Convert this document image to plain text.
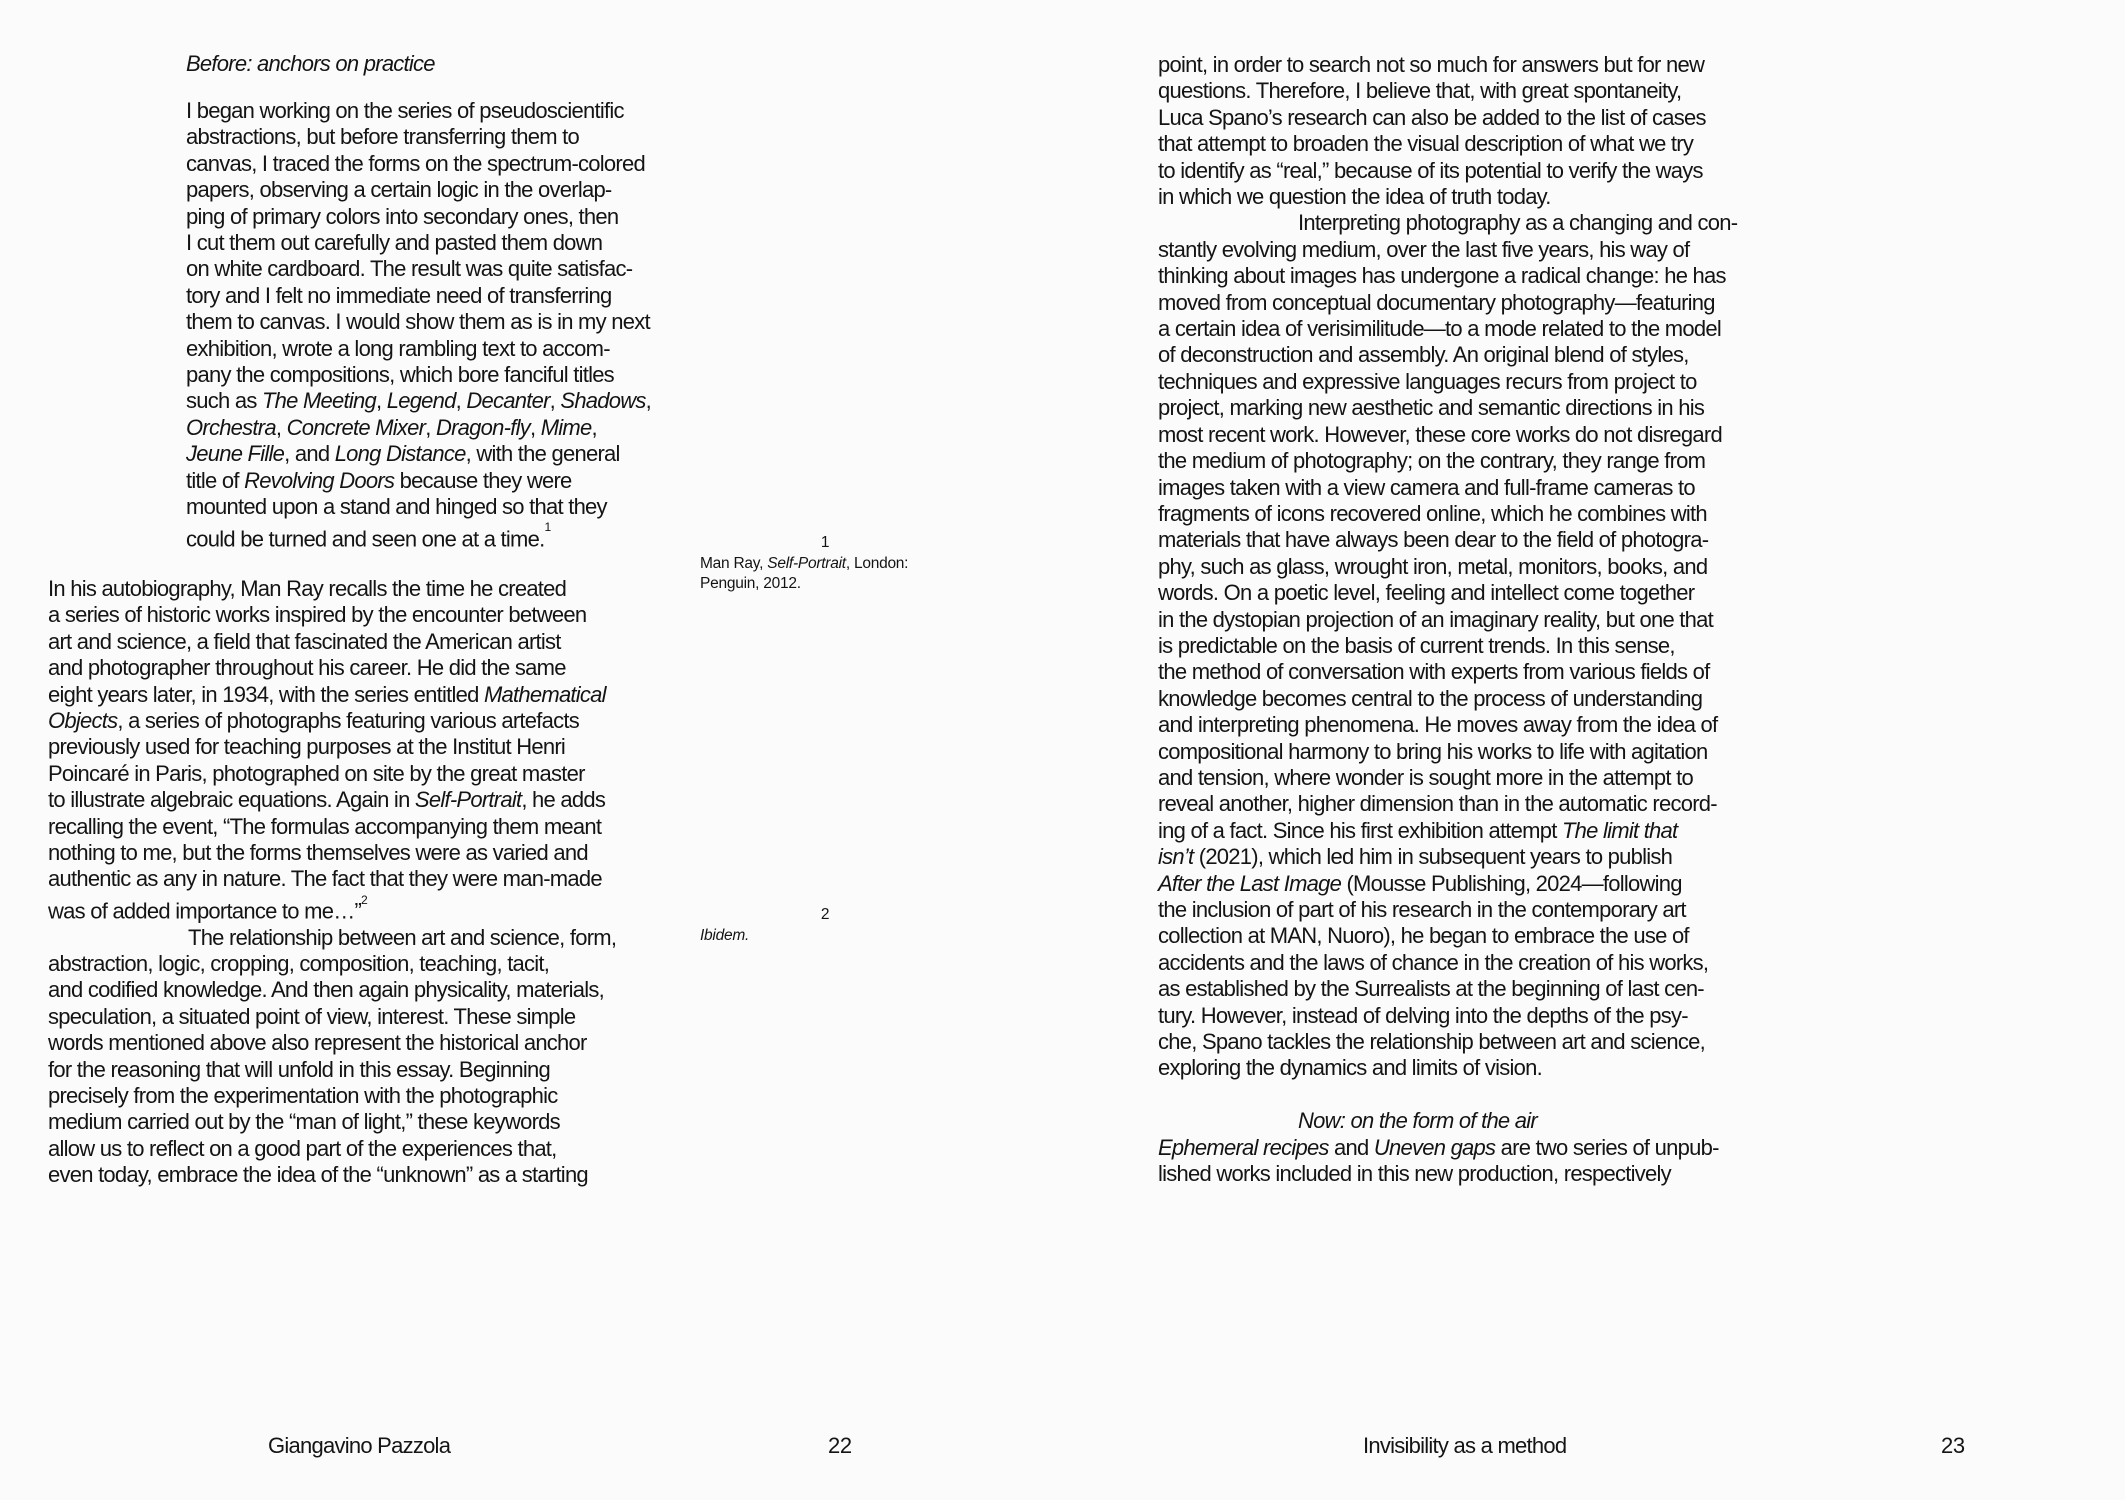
Before: anchors on practice
I began working on the series of pseudoscientific
abstractions, but before transferring them to
canvas, I traced the forms on the spectrum-colored
papers, observing a certain logic in the overlap-
ping of primary colors into secondary ones, then
I cut them out carefully and pasted them down
on white cardboard. The result was quite satisfac-
tory and I felt no immediate need of transferring
them to canvas. I would show them as is in my next
exhibition, wrote a long rambling text to accom-
pany the compositions, which bore fanciful titles
such as The Meeting, Legend, Decanter, Shadows,
Orchestra, Concrete Mixer, Dragon-fly, Mime,
Jeune Fille, and Long Distance, with the general
title of Revolving Doors because they were
mounted upon a stand and hinged so that they
could be turned and seen one at a time.$^1$
In his autobiography, Man Ray recalls the time he created
a series of historic works inspired by the encounter between
art and science, a field that fascinated the American artist
and photographer throughout his career. He did the same
eight years later, in 1934, with the series entitled Mathematical
Objects, a series of photographs featuring various artefacts
previously used for teaching purposes at the Institut Henri
Poincaré in Paris, photographed on site by the great master
to illustrate algebraic equations. Again in Self-Portrait, he adds
recalling the event, “The formulas accompanying them meant
nothing to me, but the forms themselves were as varied and
authentic as any in nature. The fact that they were man-made
was of added importance to me…”$^2$
The relationship between art and science, form,
abstraction, logic, cropping, composition, teaching, tacit,
and codified knowledge. And then again physicality, materials,
speculation, a situated point of view, interest. These simple
words mentioned above also represent the historical anchor
for the reasoning that will unfold in this essay. Beginning
precisely from the experimentation with the photographic
medium carried out by the “man of light,” these keywords
allow us to reflect on a good part of the experiences that,
even today, embrace the idea of the “unknown” as a starting
1
Man Ray, Self-Portrait, London:
Penguin, 2012.
2
Ibidem.
Giangavino Pazzola	22
point, in order to search not so much for answers but for new
questions. Therefore, I believe that, with great spontaneity,
Luca Spano’s research can also be added to the list of cases
that attempt to broaden the visual description of what we try
to identify as “real,” because of its potential to verify the ways
in which we question the idea of truth today.
Interpreting photography as a changing and con-
stantly evolving medium, over the last five years, his way of
thinking about images has undergone a radical change: he has
moved from conceptual documentary photography—featuring
a certain idea of verisimilitude—to a mode related to the model
of deconstruction and assembly. An original blend of styles,
techniques and expressive languages recurs from project to
project, marking new aesthetic and semantic directions in his
most recent work. However, these core works do not disregard
the medium of photography; on the contrary, they range from
images taken with a view camera and full-frame cameras to
fragments of icons recovered online, which he combines with
materials that have always been dear to the field of photogra-
phy, such as glass, wrought iron, metal, monitors, books, and
words. On a poetic level, feeling and intellect come together
in the dystopian projection of an imaginary reality, but one that
is predictable on the basis of current trends. In this sense,
the method of conversation with experts from various fields of
knowledge becomes central to the process of understanding
and interpreting phenomena. He moves away from the idea of
compositional harmony to bring his works to life with agitation
and tension, where wonder is sought more in the attempt to
reveal another, higher dimension than in the automatic record-
ing of a fact. Since his first exhibition attempt The limit that
isn’t (2021), which led him in subsequent years to publish
After the Last Image (Mousse Publishing, 2024—following
the inclusion of part of his research in the contemporary art
collection at MAN, Nuoro), he began to embrace the use of
accidents and the laws of chance in the creation of his works,
as established by the Surrealists at the beginning of last cen-
tury. However, instead of delving into the depths of the psy-
che, Spano tackles the relationship between art and science,
exploring the dynamics and limits of vision.

Now: on the form of the air
Ephemeral recipes and Uneven gaps are two series of unpub-
lished works included in this new production, respectively
Invisibility as a method	23
